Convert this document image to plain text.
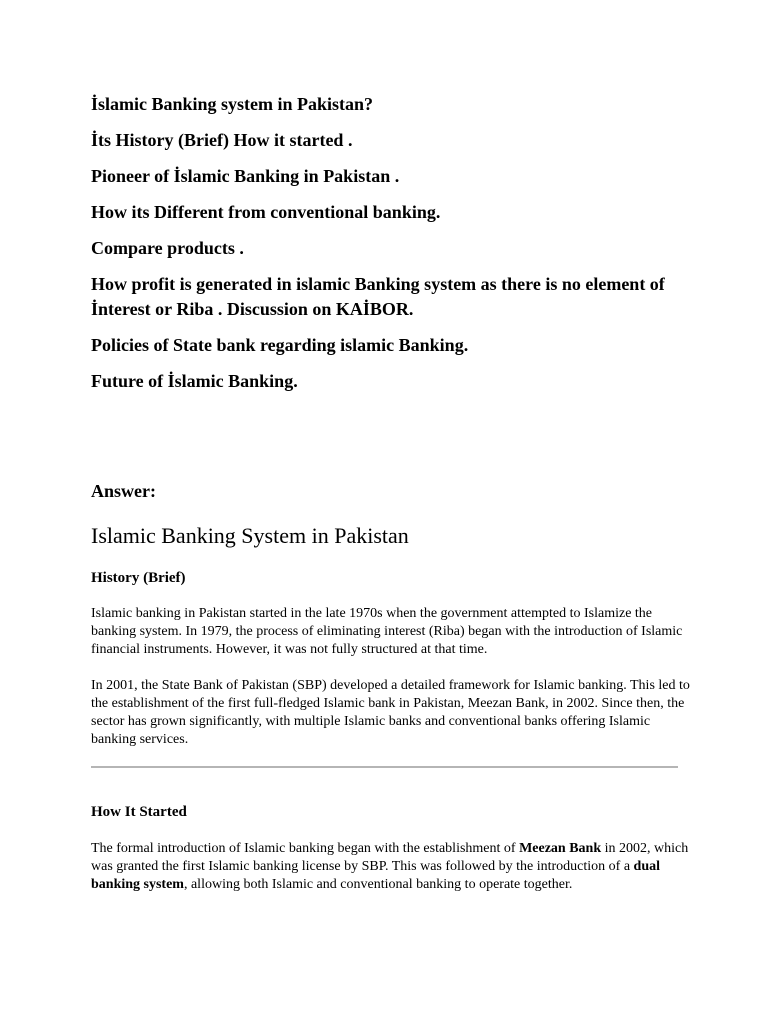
İslamic Banking system in Pakistan?

İts History (Brief) How it started .

Pioneer of İslamic Banking in Pakistan .

How its Different from conventional banking.

Compare products .

How profit is generated in islamic Banking system as there is no element of İnterest or Riba . Discussion on KAİBOR.

Policies of State bank regarding islamic Banking.

Future of İslamic Banking.

Answer:
Islamic Banking System in Pakistan
History (Brief)
Islamic banking in Pakistan started in the late 1970s when the government attempted to Islamize the banking system. In 1979, the process of eliminating interest (Riba) began with the introduction of Islamic financial instruments. However, it was not fully structured at that time.
In 2001, the State Bank of Pakistan (SBP) developed a detailed framework for Islamic banking. This led to the establishment of the first full-fledged Islamic bank in Pakistan, Meezan Bank, in 2002. Since then, the sector has grown significantly, with multiple Islamic banks and conventional banks offering Islamic banking services.
How It Started
The formal introduction of Islamic banking began with the establishment of Meezan Bank in 2002, which was granted the first Islamic banking license by SBP. This was followed by the introduction of a dual banking system, allowing both Islamic and conventional banking to operate together.
